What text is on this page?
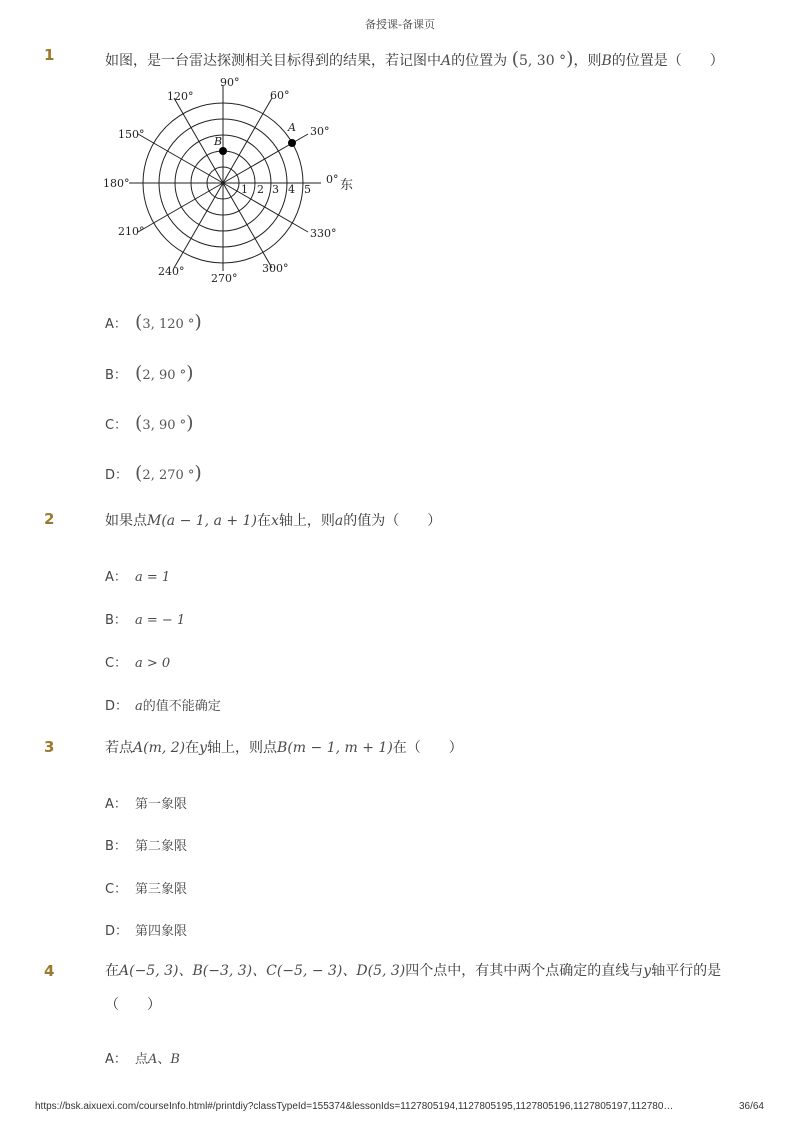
备授课-备课页
1	如图，是一台雷达探测相关目标得到的结果，若记图中A的位置为 (5, 30 °)，则B的位置是（　　）
A
B
90°
60°
120°
30°
150°
0°
180°
330°
210°
300°
240°
270°
东
1 2 3 4 5
A： (3, 120 °)
B： (2, 90 °)
C： (3, 90 °)
D： (2, 270 °)
2	如果点M(a − 1, a + 1)在x轴上，则a的值为（　　）
A： a = 1
B： a = − 1
C： a > 0
D： a的值不能确定
3	若点A(m, 2)在y轴上，则点B(m − 1, m + 1)在（　　）
A： 第一象限
B： 第二象限
C： 第三象限
D： 第四象限
4	在A(−5, 3)、B(−3, 3)、C(−5, − 3)、D(5, 3)四个点中，有其中两个点确定的直线与y轴平行的是
（　　）
A： 点A、B
https://bsk.aixuexi.com/courseInfo.html#/printdiy?classTypeId=155374&lessonIds=1127805194,1127805195,1127805196,1127805197,112780…	36/64
